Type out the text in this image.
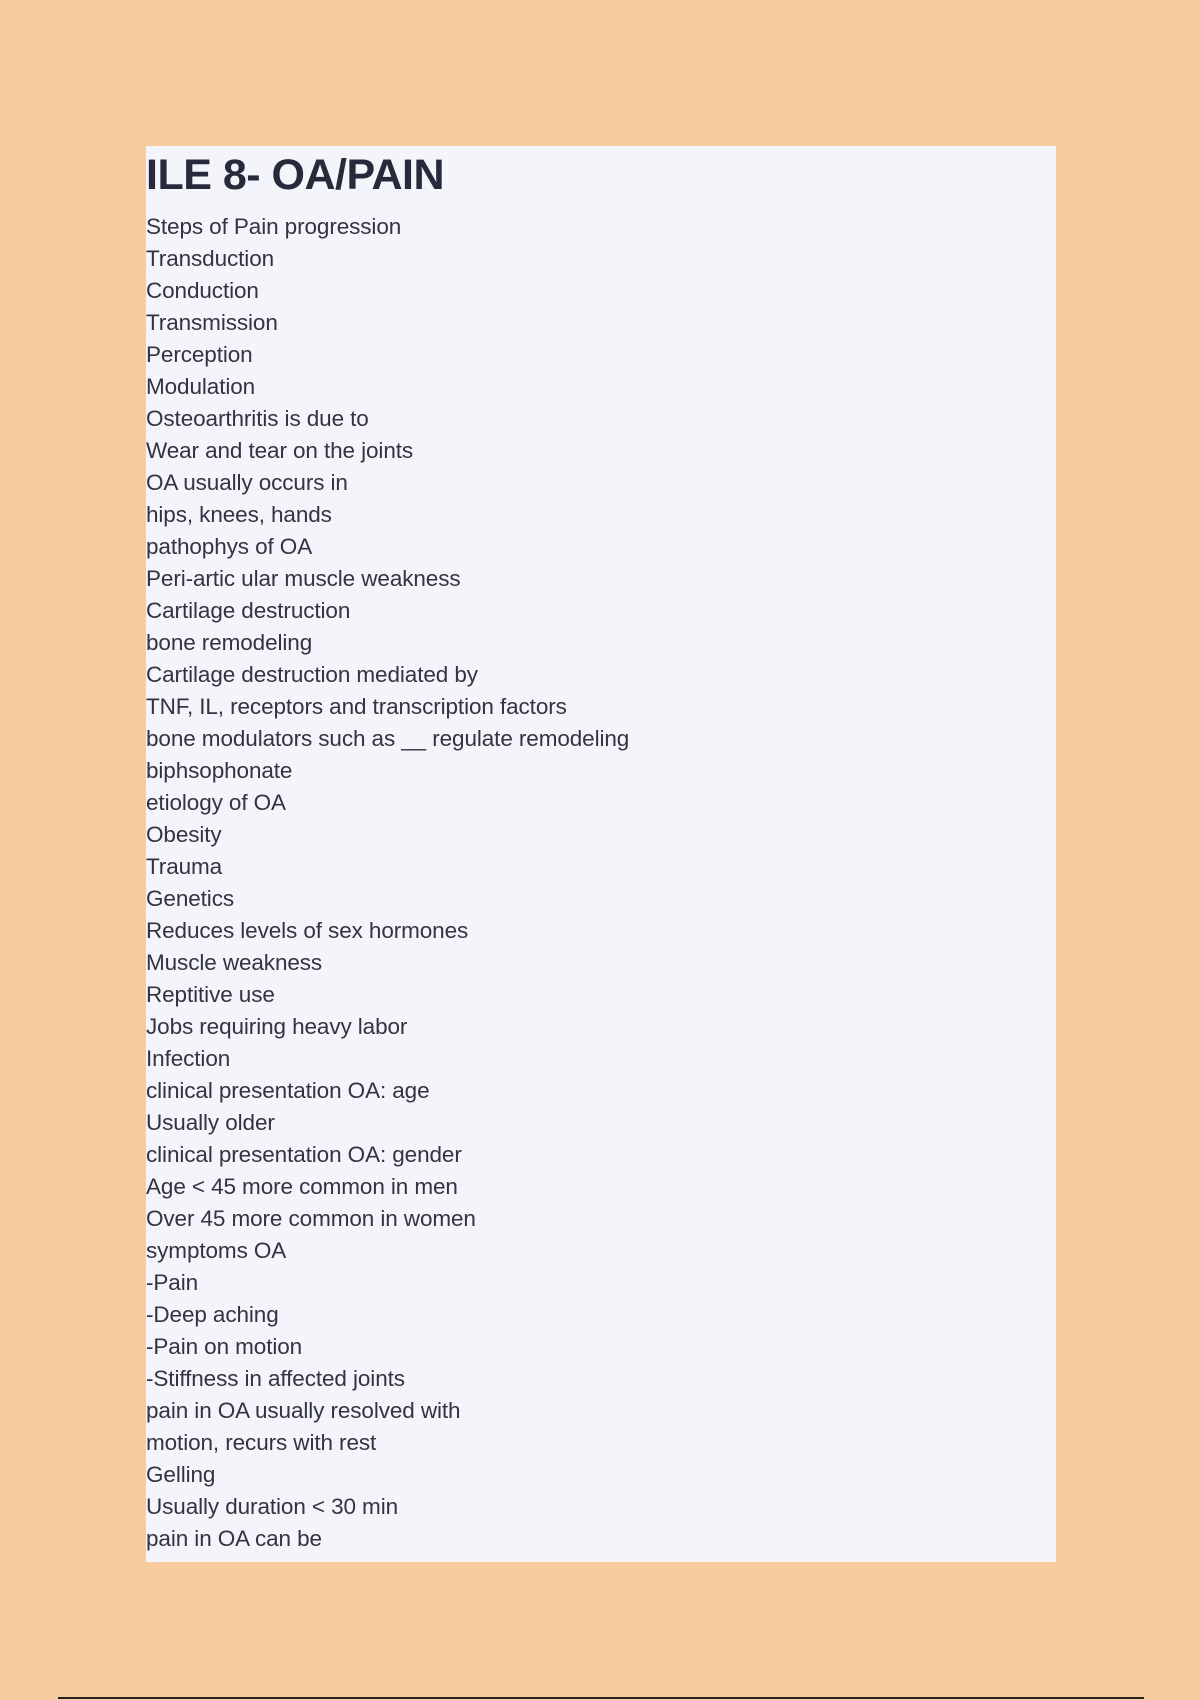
ILE 8- OA/PAIN
Steps of Pain progression
Transduction
Conduction
Transmission
Perception
Modulation
Osteoarthritis is due to
Wear and tear on the joints
OA usually occurs in
hips, knees, hands
pathophys of OA
Peri-artic ular muscle weakness
Cartilage destruction
bone remodeling
Cartilage destruction mediated by
TNF, IL, receptors and transcription factors
bone modulators such as __ regulate remodeling
biphsophonate
etiology of OA
Obesity
Trauma
Genetics
Reduces levels of sex hormones
Muscle weakness
Reptitive use
Jobs requiring heavy labor
Infection
clinical presentation OA: age
Usually older
clinical presentation OA: gender
Age < 45 more common in men
Over 45 more common in women
symptoms OA
-Pain
-Deep aching
-Pain on motion
-Stiffness in affected joints
pain in OA usually resolved with
motion, recurs with rest
Gelling
Usually duration < 30 min
pain in OA can be
